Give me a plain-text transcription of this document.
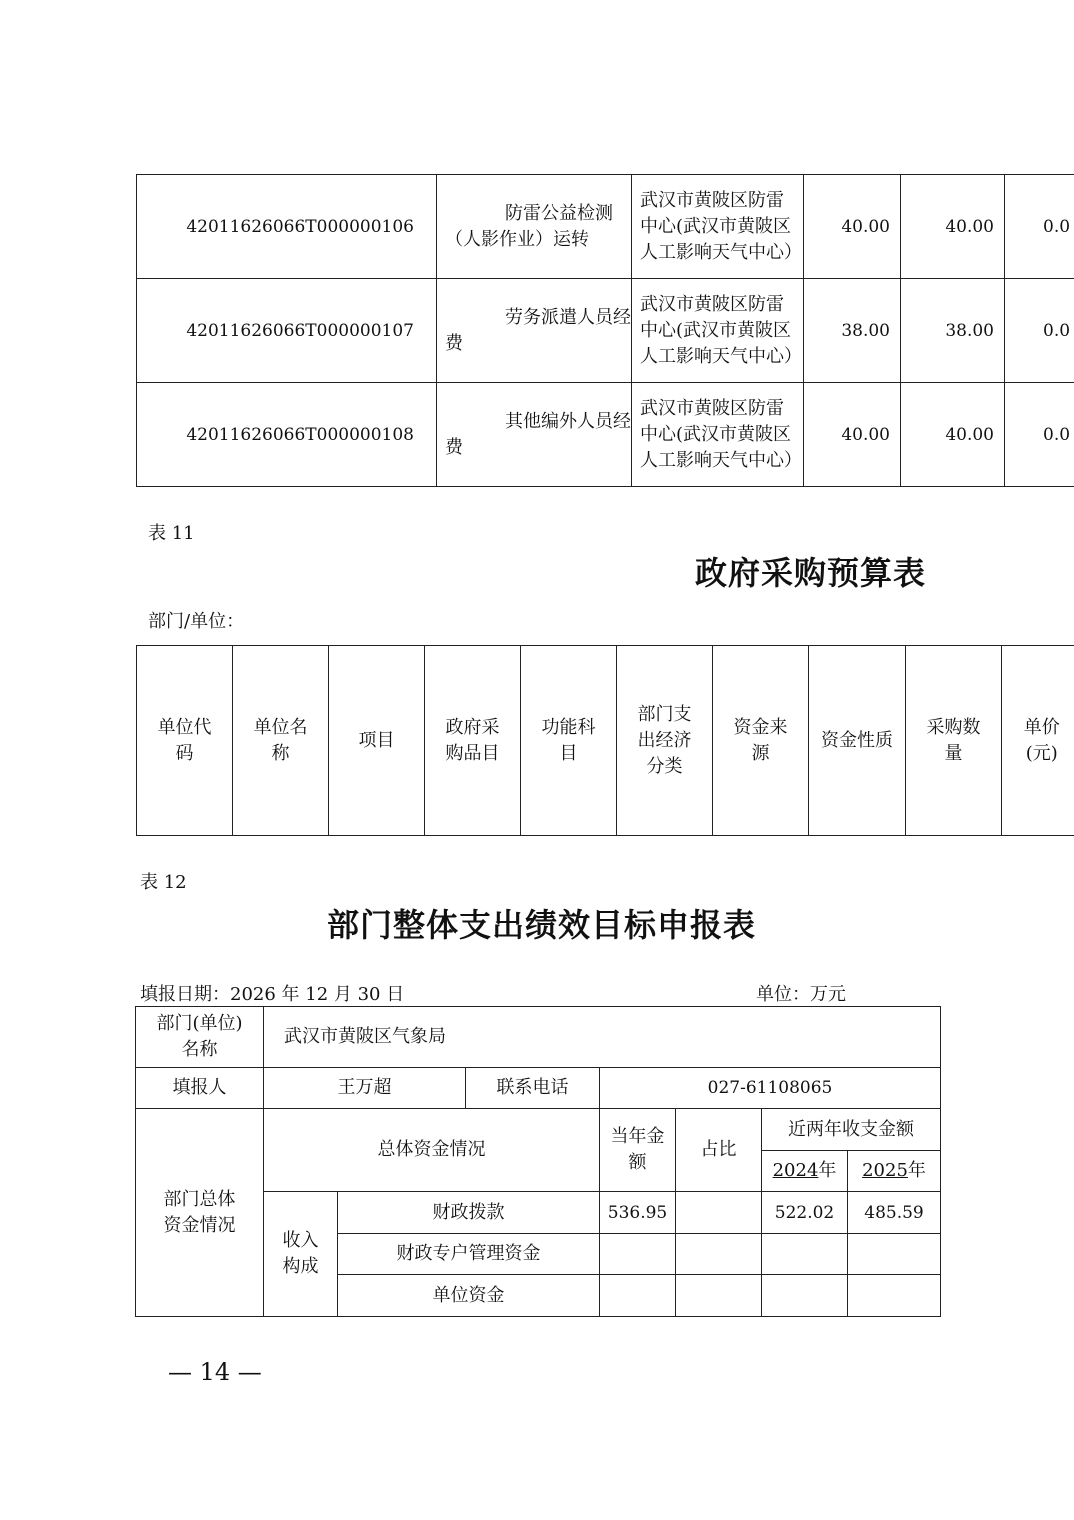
42011626066T000000106	防雷公益检测（人影作业）运转	武汉市黄陂区防雷中心(武汉市黄陂区人工影响天气中心）	40.00	40.00	0.0
42011626066T000000107	劳务派遣人员经费	武汉市黄陂区防雷中心(武汉市黄陂区人工影响天气中心）	38.00	38.00	0.0
42011626066T000000108	其他编外人员经费	武汉市黄陂区防雷中心(武汉市黄陂区人工影响天气中心）	40.00	40.00	0.0
表 11
政府采购预算表
部门/单位：
单位代码	单位名称	项目	政府采购品目	功能科目	部门支出经济分类	资金来源	资金性质	采购数量	单价(元)
表 12
部门整体支出绩效目标申报表
填报日期：2026 年 12 月 30 日	单位：万元
部门(单位)名称	武汉市黄陂区气象局						
填报人	王万超		联系电话	027-61108065			
部门总体资金情况	总体资金情况			当年金额	占比	近两年收支金额	
						2024年	2025年
	收入构成	财政拨款		536.95		522.02	485.59
		财政专户管理资金					
		单位资金					
— 14 —
